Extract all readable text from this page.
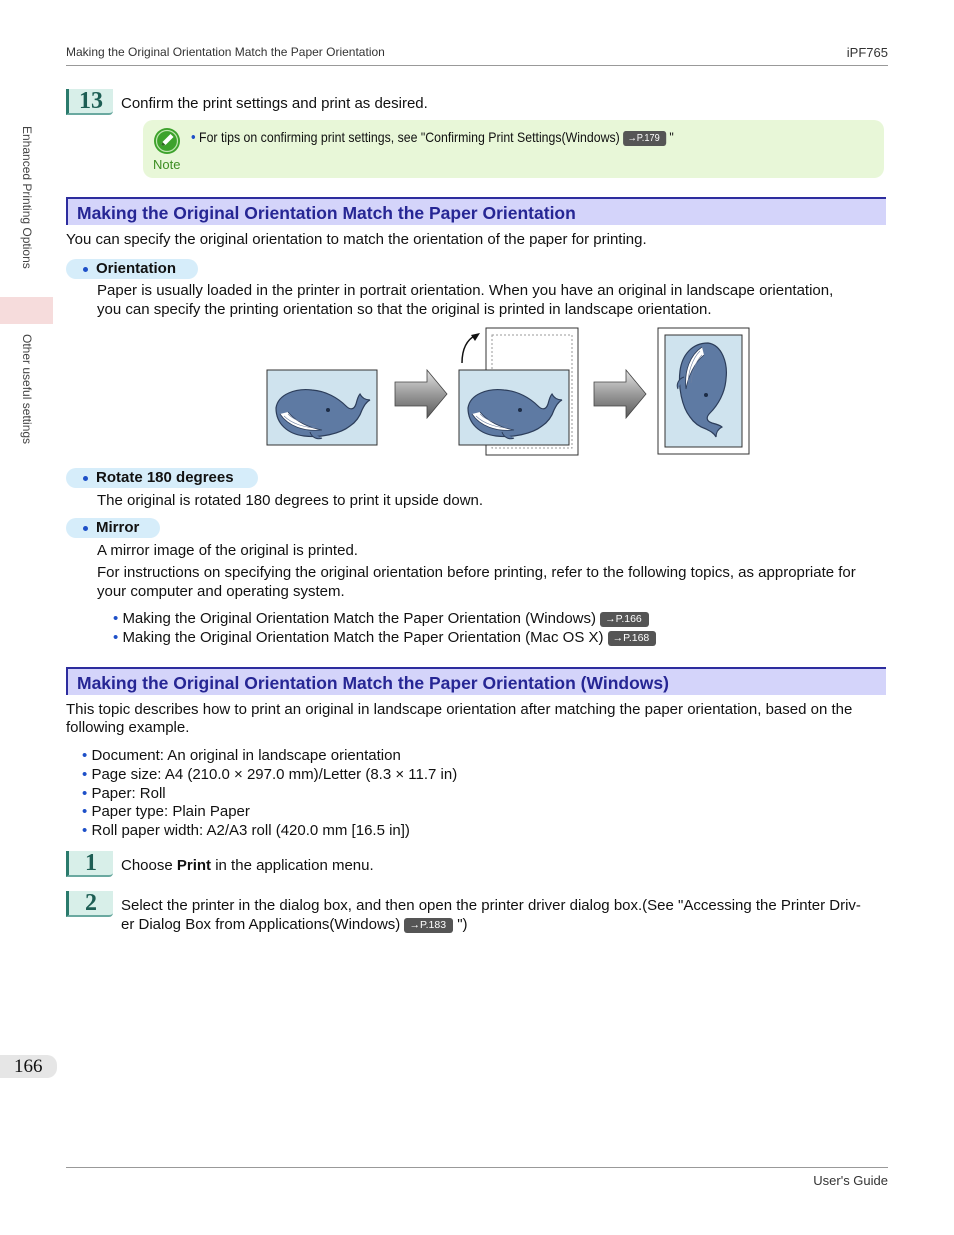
Making the Original Orientation Match the Paper Orientation	iPF765
Enhanced Printing Options
Other useful settings
13	Confirm the print settings and print as desired.
Note
• For tips on confirming print settings, see "Confirming Print Settings(Windows) →P.179 "
Making the Original Orientation Match the Paper Orientation
You can specify the original orientation to match the orientation of the paper for printing.
Orientation
Paper is usually loaded in the printer in portrait orientation. When you have an original in landscape orientation,
you can specify the printing orientation so that the original is printed in landscape orientation.
Rotate 180 degrees
The original is rotated 180 degrees to print it upside down.
Mirror
A mirror image of the original is printed.
For instructions on specifying the original orientation before printing, refer to the following topics, as appropriate for
your computer and operating system.
• Making the Original Orientation Match the Paper Orientation (Windows) →P.166
• Making the Original Orientation Match the Paper Orientation (Mac OS X) →P.168
Making the Original Orientation Match the Paper Orientation (Windows)
This topic describes how to print an original in landscape orientation after matching the paper orientation, based on the
following example.
• Document: An original in landscape orientation
• Page size: A4 (210.0 × 297.0 mm)/Letter (8.3 × 11.7 in)
• Paper: Roll
• Paper type: Plain Paper
• Roll paper width: A2/A3 roll (420.0 mm [16.5 in])
1	Choose Print in the application menu.
2	Select the printer in the dialog box, and then open the printer driver dialog box.(See "Accessing the Printer Driv-
er Dialog Box from Applications(Windows) →P.183 ")
166
User's Guide
